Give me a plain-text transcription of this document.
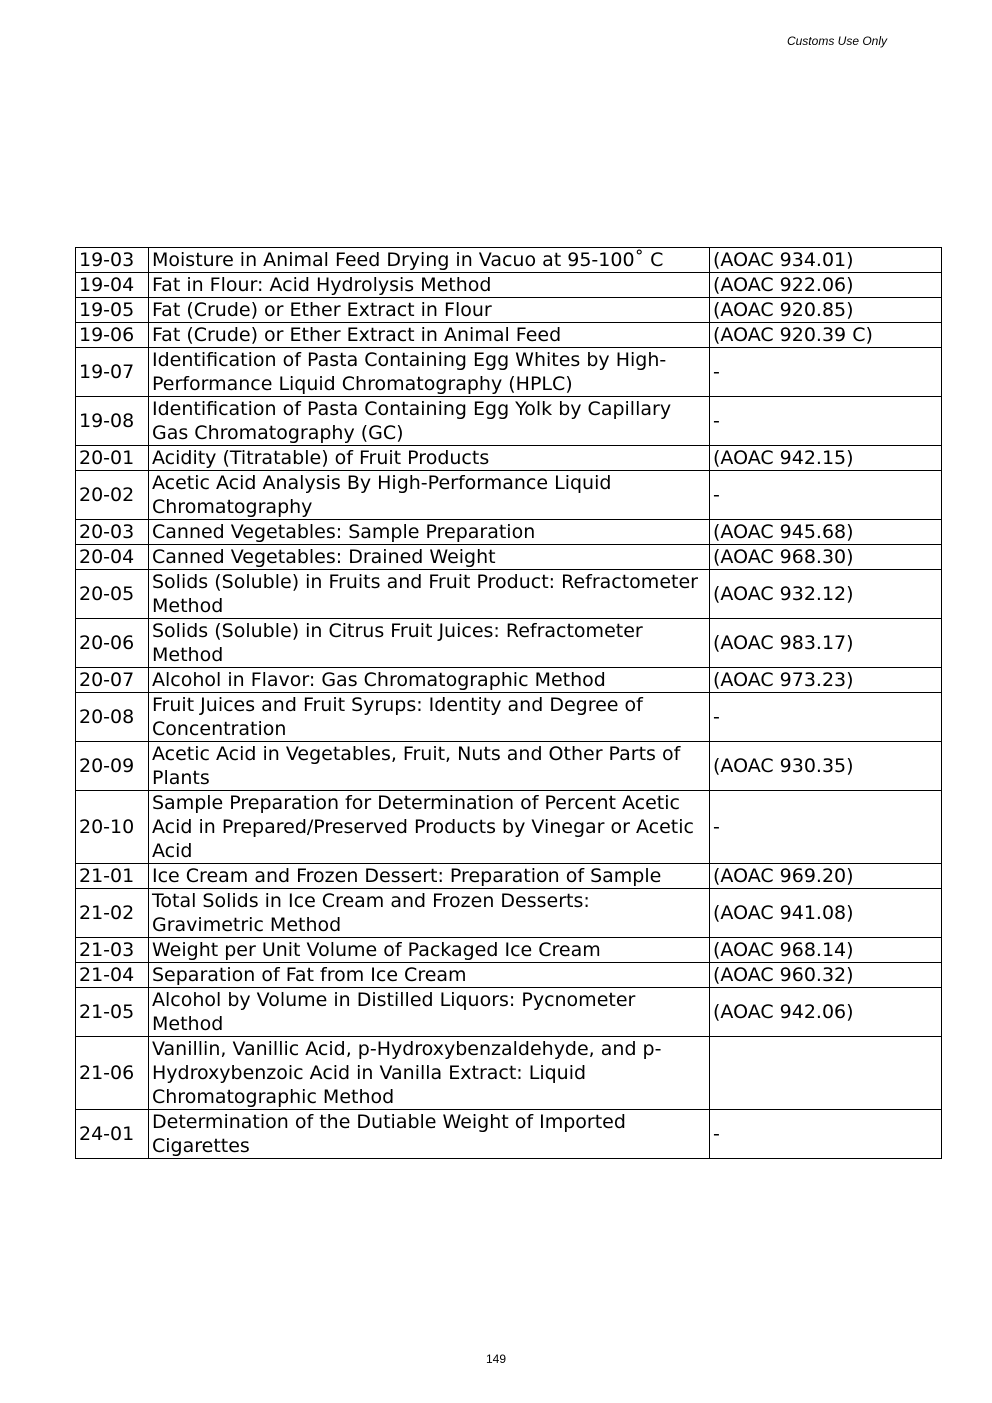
Customs Use Only
19-03	Moisture in Animal Feed Drying in Vacuo at 95-100˚ C	(AOAC 934.01)
19-04	Fat in Flour: Acid Hydrolysis Method	(AOAC 922.06)
19-05	Fat (Crude) or Ether Extract in Flour	(AOAC 920.85)
19-06	Fat (Crude) or Ether Extract in Animal Feed	(AOAC 920.39 C)
19-07	Identification of Pasta Containing Egg Whites by High-Performance Liquid Chromatography (HPLC)	-
19-08	Identification of Pasta Containing Egg Yolk by Capillary Gas Chromatography (GC)	-
20-01	Acidity (Titratable) of Fruit Products	(AOAC 942.15)
20-02	Acetic Acid Analysis By High-Performance Liquid Chromatography	-
20-03	Canned Vegetables: Sample Preparation	(AOAC 945.68)
20-04	Canned Vegetables: Drained Weight	(AOAC 968.30)
20-05	Solids (Soluble) in Fruits and Fruit Product: Refractometer Method	(AOAC 932.12)
20-06	Solids (Soluble) in Citrus Fruit Juices: Refractometer Method	(AOAC 983.17)
20-07	Alcohol in Flavor: Gas Chromatographic Method	(AOAC 973.23)
20-08	Fruit Juices and Fruit Syrups: Identity and Degree of Concentration	-
20-09	Acetic Acid in Vegetables, Fruit, Nuts and Other Parts of Plants	(AOAC 930.35)
20-10	Sample Preparation for Determination of Percent Acetic Acid in Prepared/Preserved Products by Vinegar or Acetic Acid	-
21-01	Ice Cream and Frozen Dessert: Preparation of Sample	(AOAC 969.20)
21-02	Total Solids in Ice Cream and Frozen Desserts: Gravimetric Method	(AOAC 941.08)
21-03	Weight per Unit Volume of Packaged Ice Cream	(AOAC 968.14)
21-04	Separation of Fat from Ice Cream	(AOAC 960.32)
21-05	Alcohol by Volume in Distilled Liquors: Pycnometer Method	(AOAC 942.06)
21-06	Vanillin, Vanillic Acid, p-Hydroxybenzaldehyde, and p-Hydroxybenzoic Acid in Vanilla Extract: Liquid Chromatographic Method	
24-01	Determination of the Dutiable Weight of Imported Cigarettes	-
149
